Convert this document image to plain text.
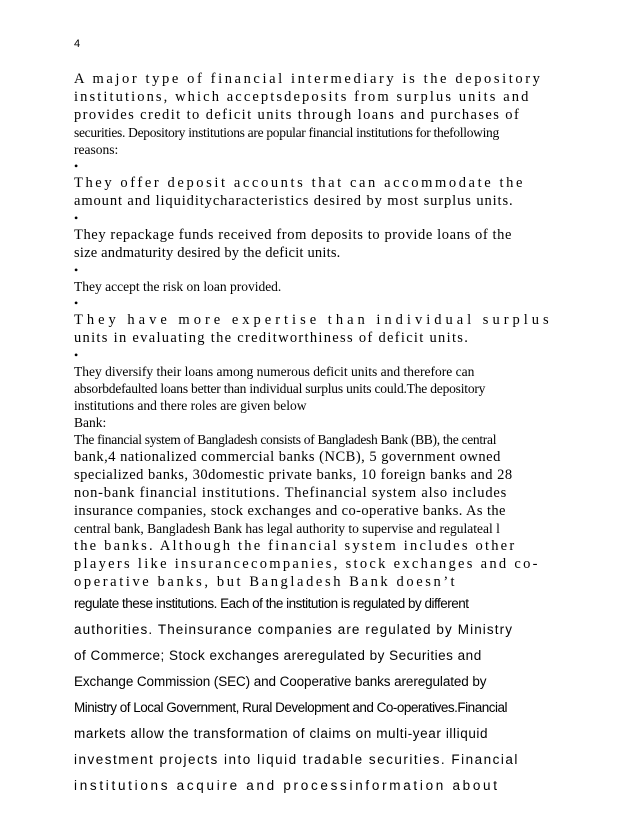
4
A major type of financial intermediary is the depository
institutions, which acceptsdeposits from surplus units and
provides credit to deficit units through loans and purchases of
securities. Depository institutions are popular financial institutions for thefollowing
reasons:
•
They offer deposit accounts that can accommodate the
amount and liquiditycharacteristics desired by most surplus units.
•
They repackage funds received from deposits to provide loans of the
size andmaturity desired by the deficit units.
•
They accept the risk on loan provided.
•
They have more expertise than individual surplus
units in evaluating the creditworthiness of deficit units.
•
They diversify their loans among numerous deficit units and therefore can
absorbdefaulted loans better than individual surplus units could.The depository
institutions and there roles are given below
Bank:
The financial system of Bangladesh consists of Bangladesh Bank (BB), the central
bank,4 nationalized commercial banks (NCB), 5 government owned
specialized banks, 30domestic private banks, 10 foreign banks and 28
non-bank financial institutions. Thefinancial system also includes
insurance companies, stock exchanges and co-operative banks. As the
central bank, Bangladesh Bank has legal authority to supervise and regulateal l
the banks. Although the financial system includes other
players like insurancecompanies, stock exchanges and co-
operative banks, but Bangladesh Bank doesn’t
regulate these institutions. Each of the institution is regulated by different
authorities. Theinsurance companies are regulated by Ministry
of Commerce; Stock exchanges areregulated by Securities and
Exchange Commission (SEC) and Cooperative banks areregulated by
Ministry of Local Government, Rural Development and Co-operatives.Financial
markets allow the transformation of claims on multi-year illiquid
investment projects into liquid tradable securities. Financial
institutions acquire and processinformation about
